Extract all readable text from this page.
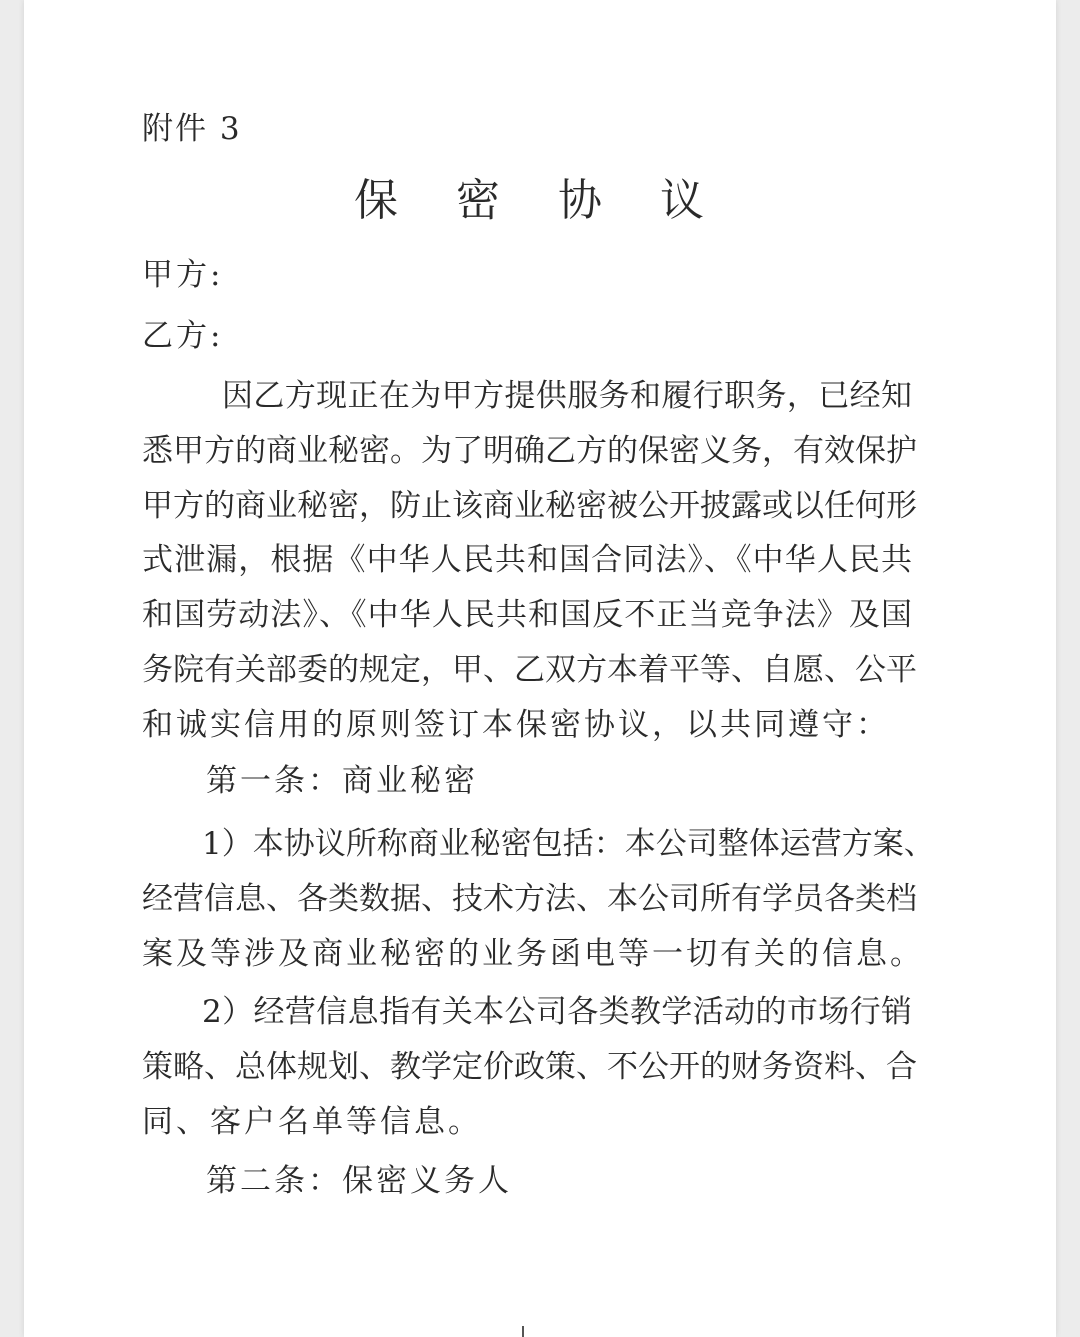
附件 3
保 密 协 议
甲方:
乙方:
因乙方现正在为甲方提供服务和履行职务，已经知
悉甲方的商业秘密。为了明确乙方的保密义务，有效保护
甲方的商业秘密，防止该商业秘密被公开披露或以任何形
式泄漏，根据《中华人民共和国合同法》、《中华人民共
和国劳动法》、《中华人民共和国反不正当竞争法》及国
务院有关部委的规定，甲、乙双方本着平等、自愿、公平
和诚实信用的原则签订本保密协议，以共同遵守：
第一条：商业秘密
1）本协议所称商业秘密包括：本公司整体运营方案、
经营信息、各类数据、技术方法、本公司所有学员各类档
案及等涉及商业秘密的业务函电等一切有关的信息。
2）经营信息指有关本公司各类教学活动的市场行销
策略、总体规划、教学定价政策、不公开的财务资料、合
同、客户名单等信息。
第二条：保密义务人
